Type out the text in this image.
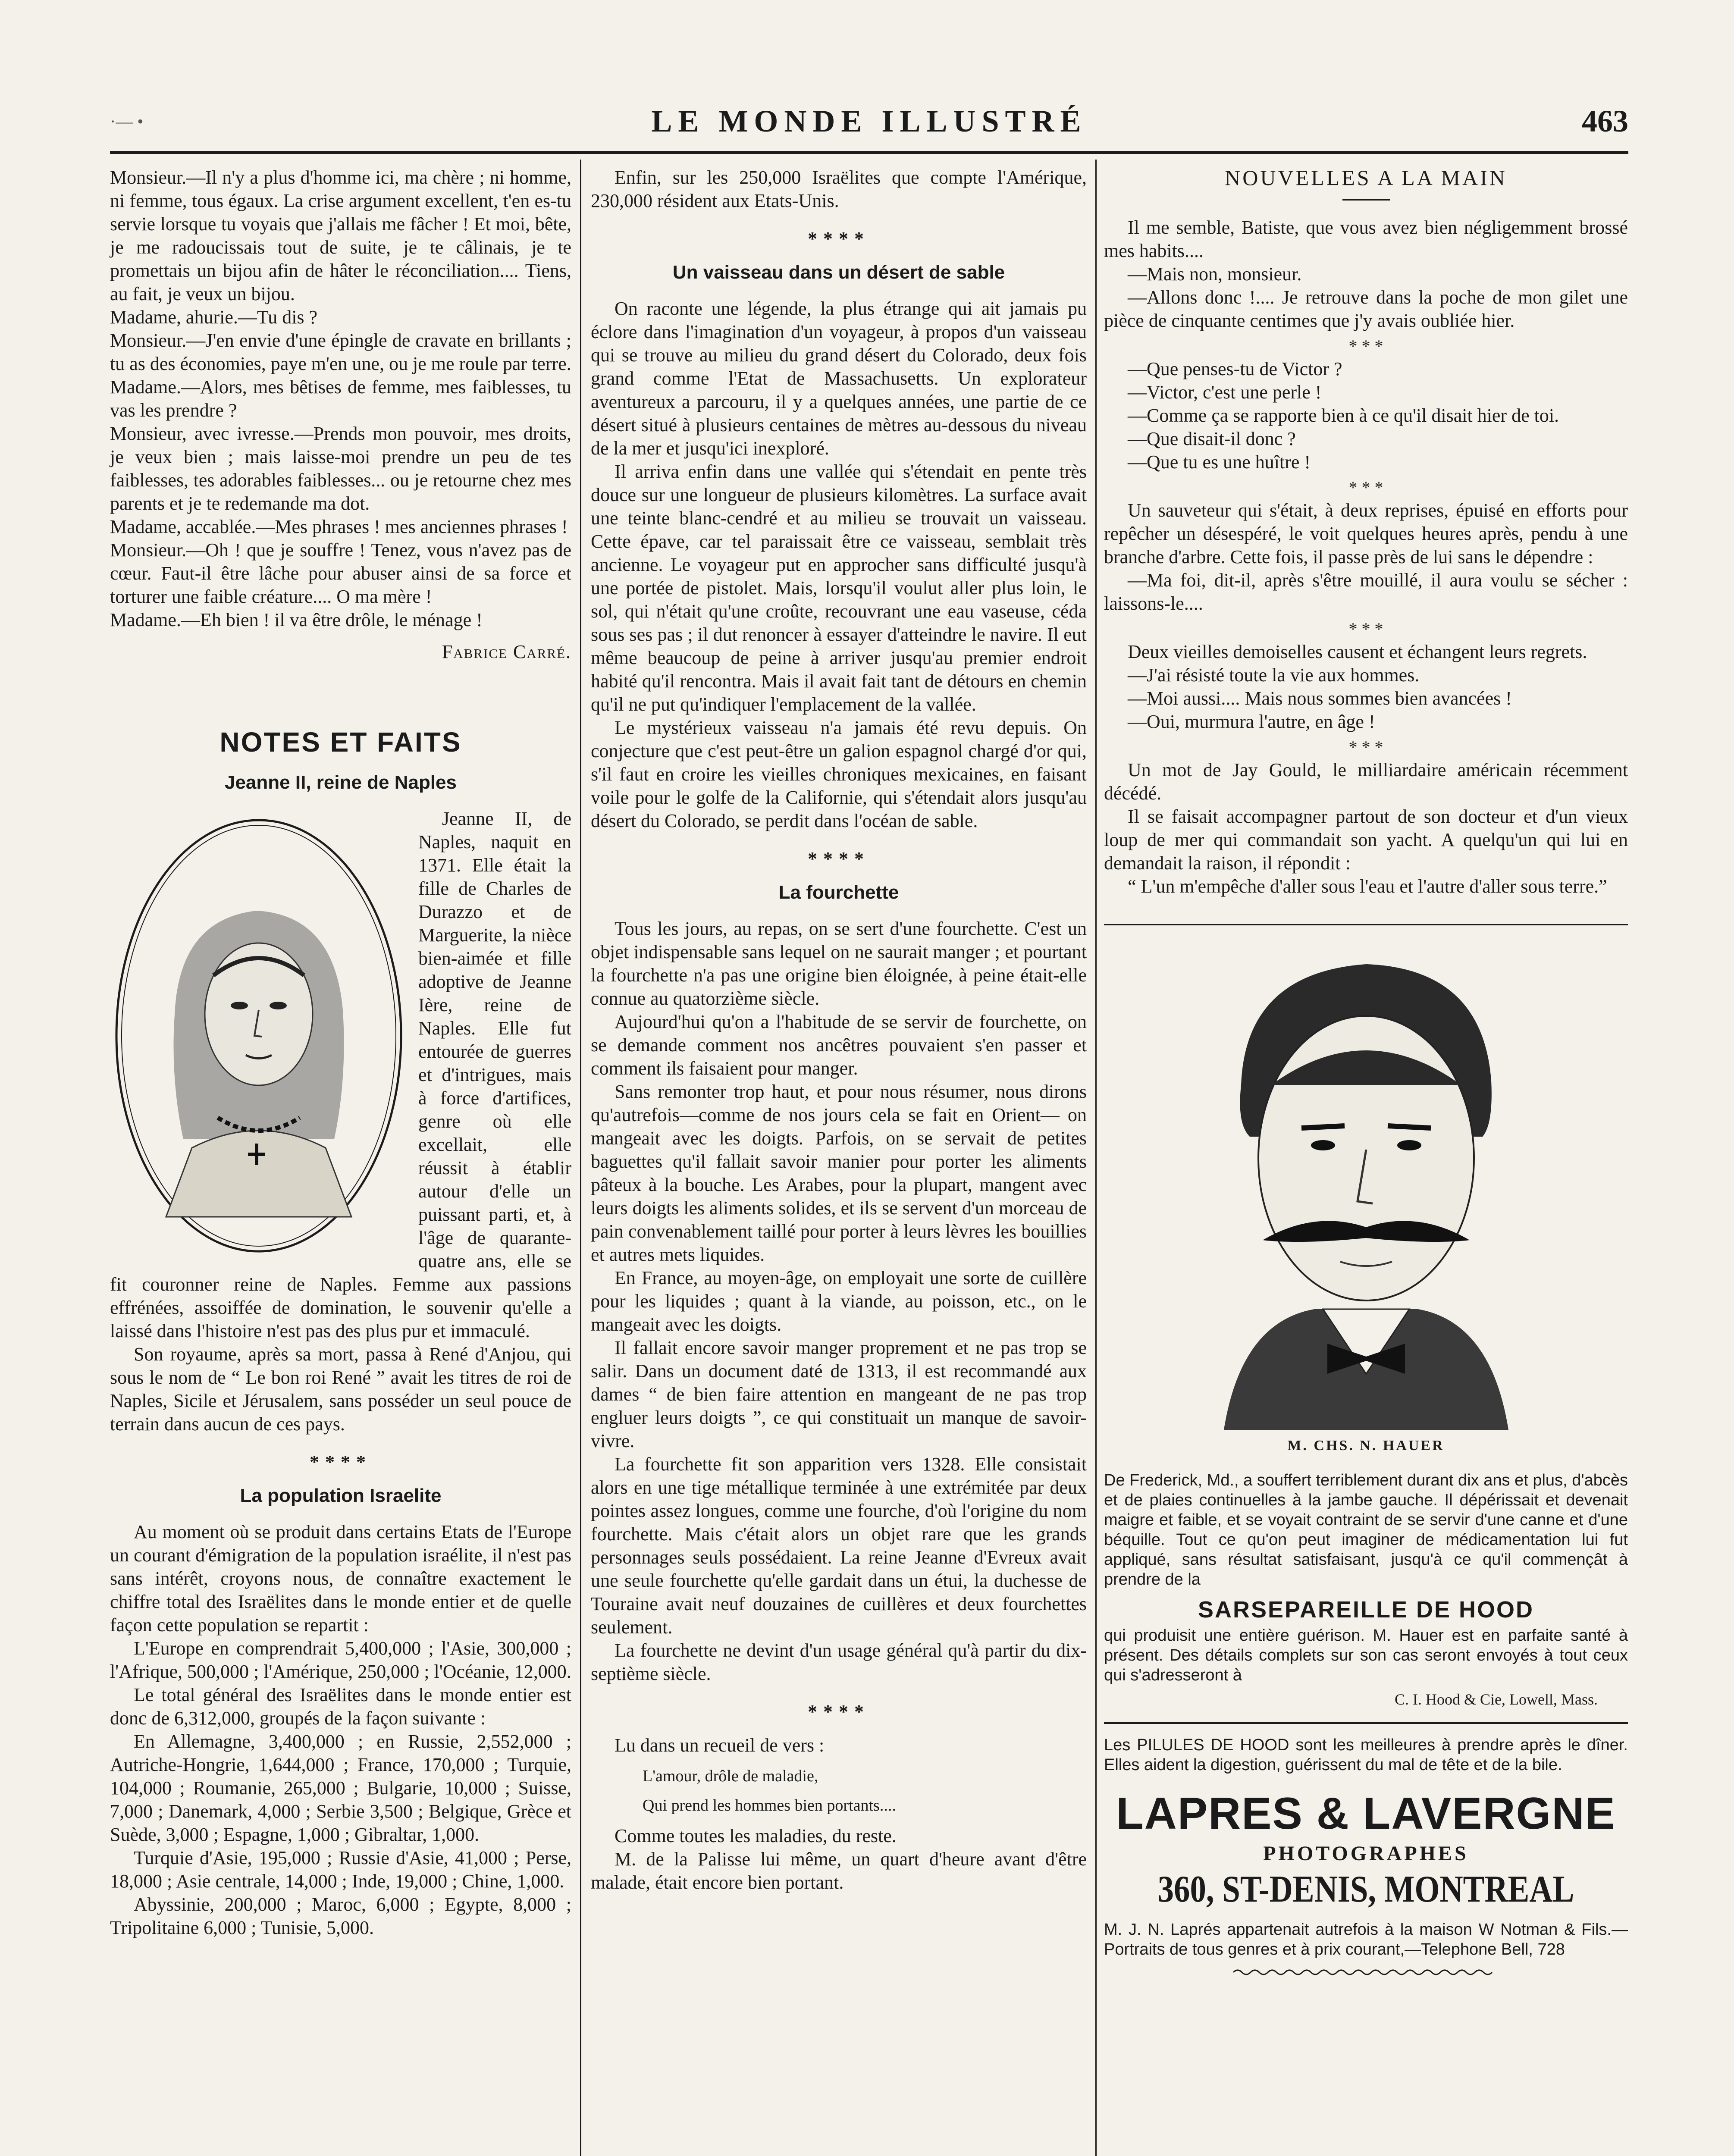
·— •	LE MONDE ILLUSTRÉ	463

Monsieur.—Il n'y a plus d'homme ici, ma chère ; ni homme, ni femme, tous égaux. La crise argument excellent, t'en es-tu servie lorsque tu voyais que j'allais me fâcher ! Et moi, bête, je me radoucissais tout de suite, je te câlinais, je te promettais un bijou afin de hâter le réconciliation.... Tiens, au fait, je veux un bijou.

Madame, ahurie.—Tu dis ?

Monsieur.—J'en envie d'une épingle de cravate en brillants ; tu as des économies, paye m'en une, ou je me roule par terre.

Madame.—Alors, mes bêtises de femme, mes faiblesses, tu vas les prendre ?

Monsieur, avec ivresse.—Prends mon pouvoir, mes droits, je veux bien ; mais laisse-moi prendre un peu de tes faiblesses, tes adorables faiblesses... ou je retourne chez mes parents et je te redemande ma dot.

Madame, accablée.—Mes phrases ! mes anciennes phrases !

Monsieur.—Oh ! que je souffre ! Tenez, vous n'avez pas de cœur. Faut-il être lâche pour abuser ainsi de sa force et torturer une faible créature.... O ma mère !

Madame.—Eh bien ! il va être drôle, le ménage !

Fabrice Carré.
NOTES ET FAITS
Jeanne II, reine de Naples

Jeanne II, de Naples, naquit en 1371. Elle était la fille de Charles de Durazzo et de Marguerite, la nièce bien-aimée et fille adoptive de Jeanne Ière, reine de Naples. Elle fut entourée de guerres et d'intrigues, mais à force d'artifices, genre où elle excellait, elle réussit à établir autour d'elle un puissant parti, et, à l'âge de quarante-quatre ans, elle se fit couronner reine de Naples. Femme aux passions effrénées, assoiffée de domination, le souvenir qu'elle a laissé dans l'histoire n'est pas des plus pur et immaculé.

Son royaume, après sa mort, passa à René d'Anjou, qui sous le nom de “ Le bon roi René ” avait les titres de roi de Naples, Sicile et Jérusalem, sans posséder un seul pouce de terrain dans aucun de ces pays.

****
La population Israelite

Au moment où se produit dans certains Etats de l'Europe un courant d'émigration de la population israélite, il n'est pas sans intérêt, croyons nous, de connaître exactement le chiffre total des Israëlites dans le monde entier et de quelle façon cette population se repartit :

L'Europe en comprendrait 5,400,000 ; l'Asie, 300,000 ; l'Afrique, 500,000 ; l'Amérique, 250,000 ; l'Océanie, 12,000.

Le total général des Israëlites dans le monde entier est donc de 6,312,000, groupés de la façon suivante :

En Allemagne, 3,400,000 ; en Russie, 2,552,000 ; Autriche-Hongrie, 1,644,000 ; France, 170,000 ; Turquie, 104,000 ; Roumanie, 265,000 ; Bulgarie, 10,000 ; Suisse, 7,000 ; Danemark, 4,000 ; Serbie 3,500 ; Belgique, Grèce et Suède, 3,000 ; Espagne, 1,000 ; Gibraltar, 1,000.

Turquie d'Asie, 195,000 ; Russie d'Asie, 41,000 ; Perse, 18,000 ; Asie centrale, 14,000 ; Inde, 19,000 ; Chine, 1,000.

Abyssinie, 200,000 ; Maroc, 6,000 ; Egypte, 8,000 ; Tripolitaine 6,000 ; Tunisie, 5,000.

Enfin, sur les 250,000 Israëlites que compte l'Amérique, 230,000 résident aux Etats-Unis.

****
Un vaisseau dans un désert de sable

On raconte une légende, la plus étrange qui ait jamais pu éclore dans l'imagination d'un voyageur, à propos d'un vaisseau qui se trouve au milieu du grand désert du Colorado, deux fois grand comme l'Etat de Massachusetts. Un explorateur aventureux a parcouru, il y a quelques années, une partie de ce désert situé à plusieurs centaines de mètres au-dessous du niveau de la mer et jusqu'ici inexploré.

Il arriva enfin dans une vallée qui s'étendait en pente très douce sur une longueur de plusieurs kilomètres. La surface avait une teinte blanc-cendré et au milieu se trouvait un vaisseau. Cette épave, car tel paraissait être ce vaisseau, semblait très ancienne. Le voyageur put en approcher sans difficulté jusqu'à une portée de pistolet. Mais, lorsqu'il voulut aller plus loin, le sol, qui n'était qu'une croûte, recouvrant une eau vaseuse, céda sous ses pas ; il dut renoncer à essayer d'atteindre le navire. Il eut même beaucoup de peine à arriver jusqu'au premier endroit habité qu'il rencontra. Mais il avait fait tant de détours en chemin qu'il ne put qu'indiquer l'emplacement de la vallée.

Le mystérieux vaisseau n'a jamais été revu depuis. On conjecture que c'est peut-être un galion espagnol chargé d'or qui, s'il faut en croire les vieilles chroniques mexicaines, en faisant voile pour le golfe de la Californie, qui s'étendait alors jusqu'au désert du Colorado, se perdit dans l'océan de sable.

****
La fourchette

Tous les jours, au repas, on se sert d'une fourchette. C'est un objet indispensable sans lequel on ne saurait manger ; et pourtant la fourchette n'a pas une origine bien éloignée, à peine était-elle connue au quatorzième siècle.

Aujourd'hui qu'on a l'habitude de se servir de fourchette, on se demande comment nos ancêtres pouvaient s'en passer et comment ils faisaient pour manger.

Sans remonter trop haut, et pour nous résumer, nous dirons qu'autrefois—comme de nos jours cela se fait en Orient— on mangeait avec les doigts. Parfois, on se servait de petites baguettes qu'il fallait savoir manier pour porter les aliments pâteux à la bouche. Les Arabes, pour la plupart, mangent avec leurs doigts les aliments solides, et ils se servent d'un morceau de pain convenablement taillé pour porter à leurs lèvres les bouillies et autres mets liquides.

En France, au moyen-âge, on employait une sorte de cuillère pour les liquides ; quant à la viande, au poisson, etc., on le mangeait avec les doigts.

Il fallait encore savoir manger proprement et ne pas trop se salir. Dans un document daté de 1313, il est recommandé aux dames “ de bien faire attention en mangeant de ne pas trop engluer leurs doigts ”, ce qui constituait un manque de savoir-vivre.

La fourchette fit son apparition vers 1328. Elle consistait alors en une tige métallique terminée à une extrémitée par deux pointes assez longues, comme une fourche, d'où l'origine du nom fourchette. Mais c'était alors un objet rare que les grands personnages seuls possédaient. La reine Jeanne d'Evreux avait une seule fourchette qu'elle gardait dans un étui, la duchesse de Touraine avait neuf douzaines de cuillères et deux fourchettes seulement.

La fourchette ne devint d'un usage général qu'à partir du dix-septième siècle.

****

Lu dans un recueil de vers :

L'amour, drôle de maladie,

Qui prend les hommes bien portants....

Comme toutes les maladies, du reste.

M. de la Palisse lui même, un quart d'heure avant d'être malade, était encore bien portant.

NOUVELLES A LA MAIN

Il me semble, Batiste, que vous avez bien négligemment brossé mes habits....

—Mais non, monsieur.

—Allons donc !.... Je retrouve dans la poche de mon gilet une pièce de cinquante centimes que j'y avais oubliée hier.

* * *

—Que penses-tu de Victor ?

—Victor, c'est une perle !

—Comme ça se rapporte bien à ce qu'il disait hier de toi.

—Que disait-il donc ?

—Que tu es une huître !

* * *

Un sauveteur qui s'était, à deux reprises, épuisé en efforts pour repêcher un désespéré, le voit quelques heures après, pendu à une branche d'arbre. Cette fois, il passe près de lui sans le dépendre :

—Ma foi, dit-il, après s'être mouillé, il aura voulu se sécher : laissons-le....

* * *

Deux vieilles demoiselles causent et échangent leurs regrets.

—J'ai résisté toute la vie aux hommes.

—Moi aussi.... Mais nous sommes bien avancées !

—Oui, murmura l'autre, en âge !

* * *

Un mot de Jay Gould, le milliardaire américain récemment décédé.

Il se faisait accompagner partout de son docteur et d'un vieux loup de mer qui commandait son yacht. A quelqu'un qui lui en demandait la raison, il répondit :

“ L'un m'empêche d'aller sous l'eau et l'autre d'aller sous terre.”

M. CHS. N. HAUER
De Frederick, Md., a souffert terriblement durant dix ans et plus, d'abcès et de plaies continuelles à la jambe gauche. Il dépérissait et devenait maigre et faible, et se voyait contraint de se servir d'une canne et d'une béquille. Tout ce qu'on peut imaginer de médicamentation lui fut appliqué, sans résultat satisfaisant, jusqu'à ce qu'il commençât à prendre de la
SARSEPAREILLE DE HOOD
qui produisit une entière guérison. M. Hauer est en parfaite santé à présent. Des détails complets sur son cas seront envoyés à tout ceux qui s'adresseront à
C. I. Hood & Cie, Lowell, Mass.
Les PILULES DE HOOD sont les meilleures à prendre après le dîner. Elles aident la digestion, guérissent du mal de tête et de la bile.
LAPRES & LAVERGNE
PHOTOGRAPHES
360, ST-DENIS, MONTREAL
M. J. N. Laprés appartenait autrefois à la maison W Notman & Fils.—Portraits de tous genres et à prix courant,—Telephone Bell, 728
